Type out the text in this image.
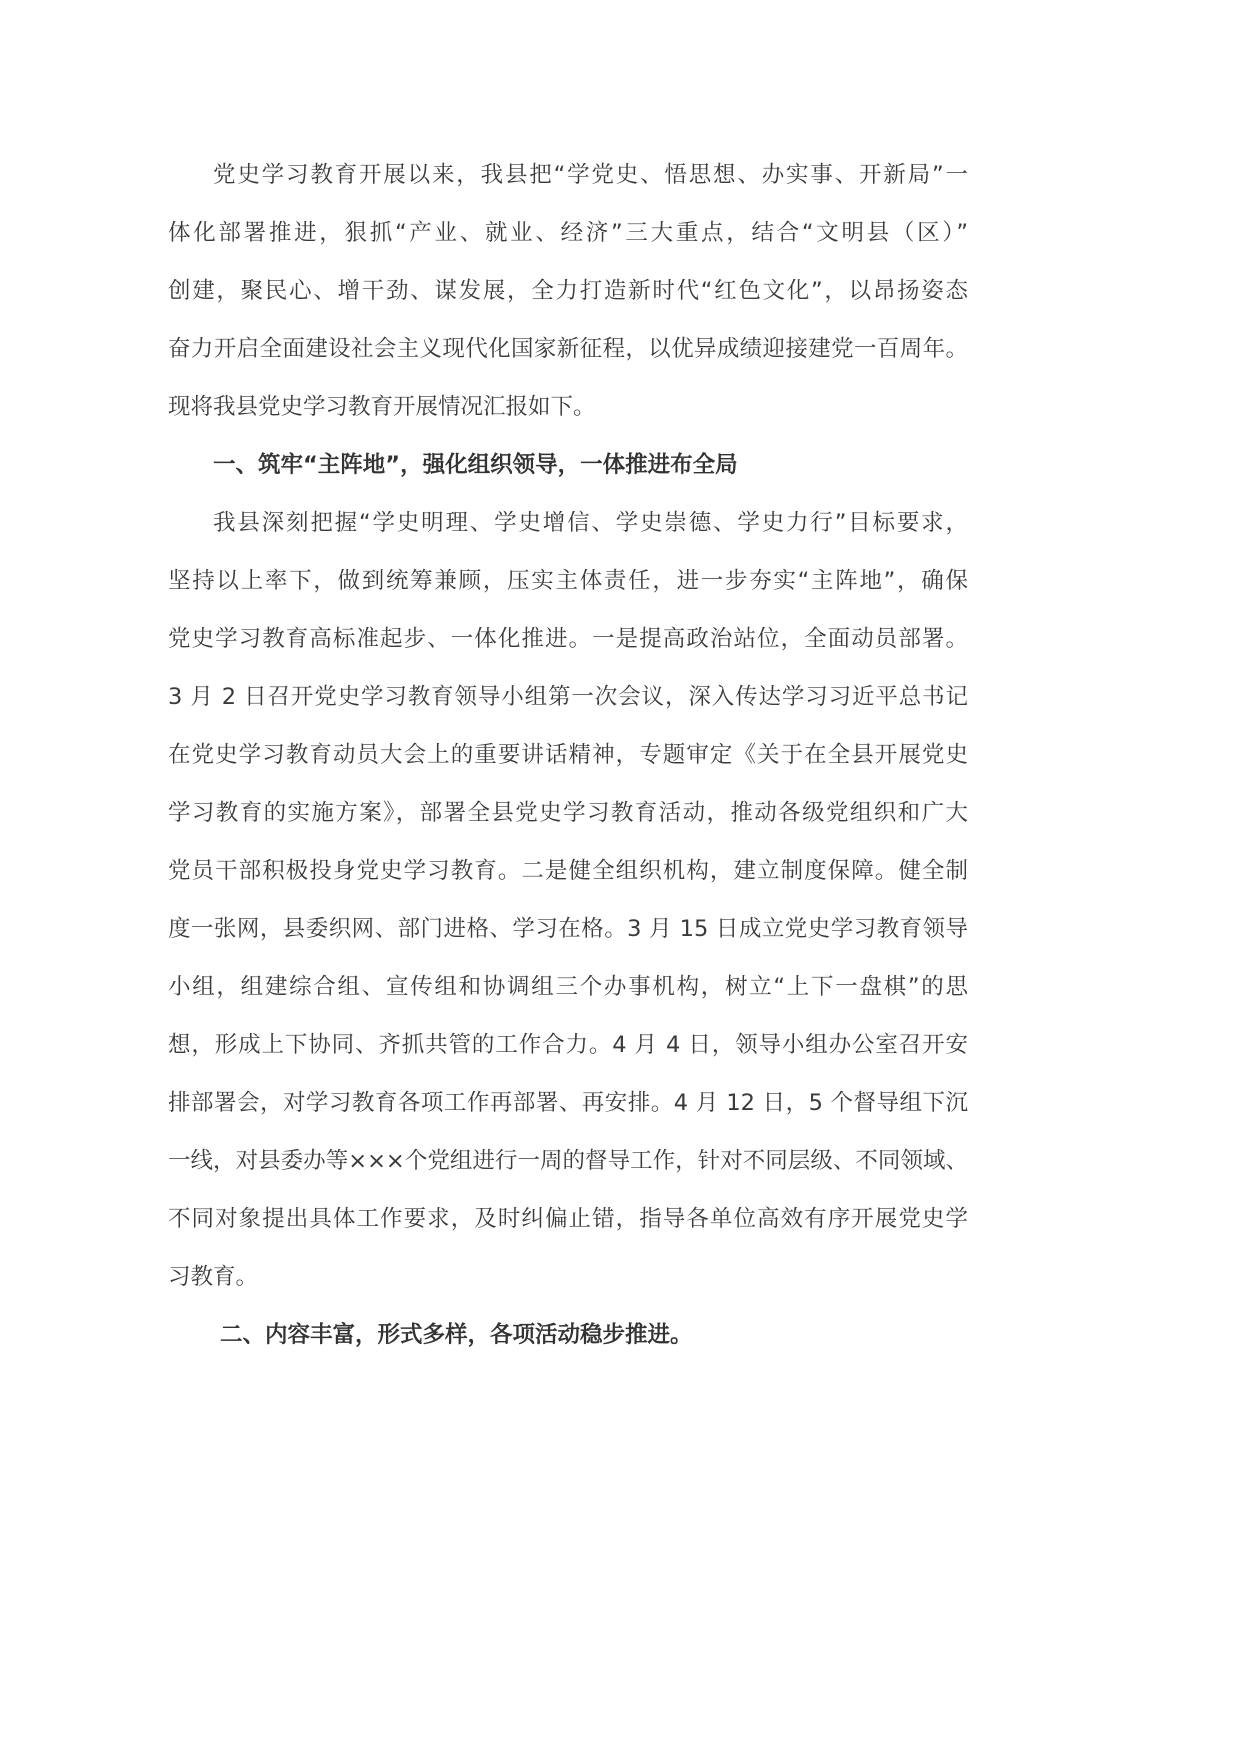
党史学习教育开展以来，我县把“学党史、悟思想、办实事、开新局”一
体化部署推进，狠抓“产业、就业、经济”三大重点，结合“文明县（区）”
创建，聚民心、增干劲、谋发展，全力打造新时代“红色文化”，以昂扬姿态
奋力开启全面建设社会主义现代化国家新征程，以优异成绩迎接建党一百周年。
现将我县党史学习教育开展情况汇报如下。
一、筑牢“主阵地”，强化组织领导，一体推进布全局
我县深刻把握“学史明理、学史增信、学史崇德、学史力行”目标要求，
坚持以上率下，做到统筹兼顾，压实主体责任，进一步夯实“主阵地”，确保
党史学习教育高标准起步、一体化推进。一是提高政治站位，全面动员部署。
3 月 2 日召开党史学习教育领导小组第一次会议，深入传达学习习近平总书记
在党史学习教育动员大会上的重要讲话精神，专题审定《关于在全县开展党史
学习教育的实施方案》，部署全县党史学习教育活动，推动各级党组织和广大
党员干部积极投身党史学习教育。二是健全组织机构，建立制度保障。健全制
度一张网，县委织网、部门进格、学习在格。3 月 15 日成立党史学习教育领导
小组，组建综合组、宣传组和协调组三个办事机构，树立“上下一盘棋”的思
想，形成上下协同、齐抓共管的工作合力。4 月 4 日，领导小组办公室召开安
排部署会，对学习教育各项工作再部署、再安排。4 月 12 日，5 个督导组下沉
一线，对县委办等×××个党组进行一周的督导工作，针对不同层级、不同领域、
不同对象提出具体工作要求，及时纠偏止错，指导各单位高效有序开展党史学
习教育。
二、内容丰富，形式多样，各项活动稳步推进。
